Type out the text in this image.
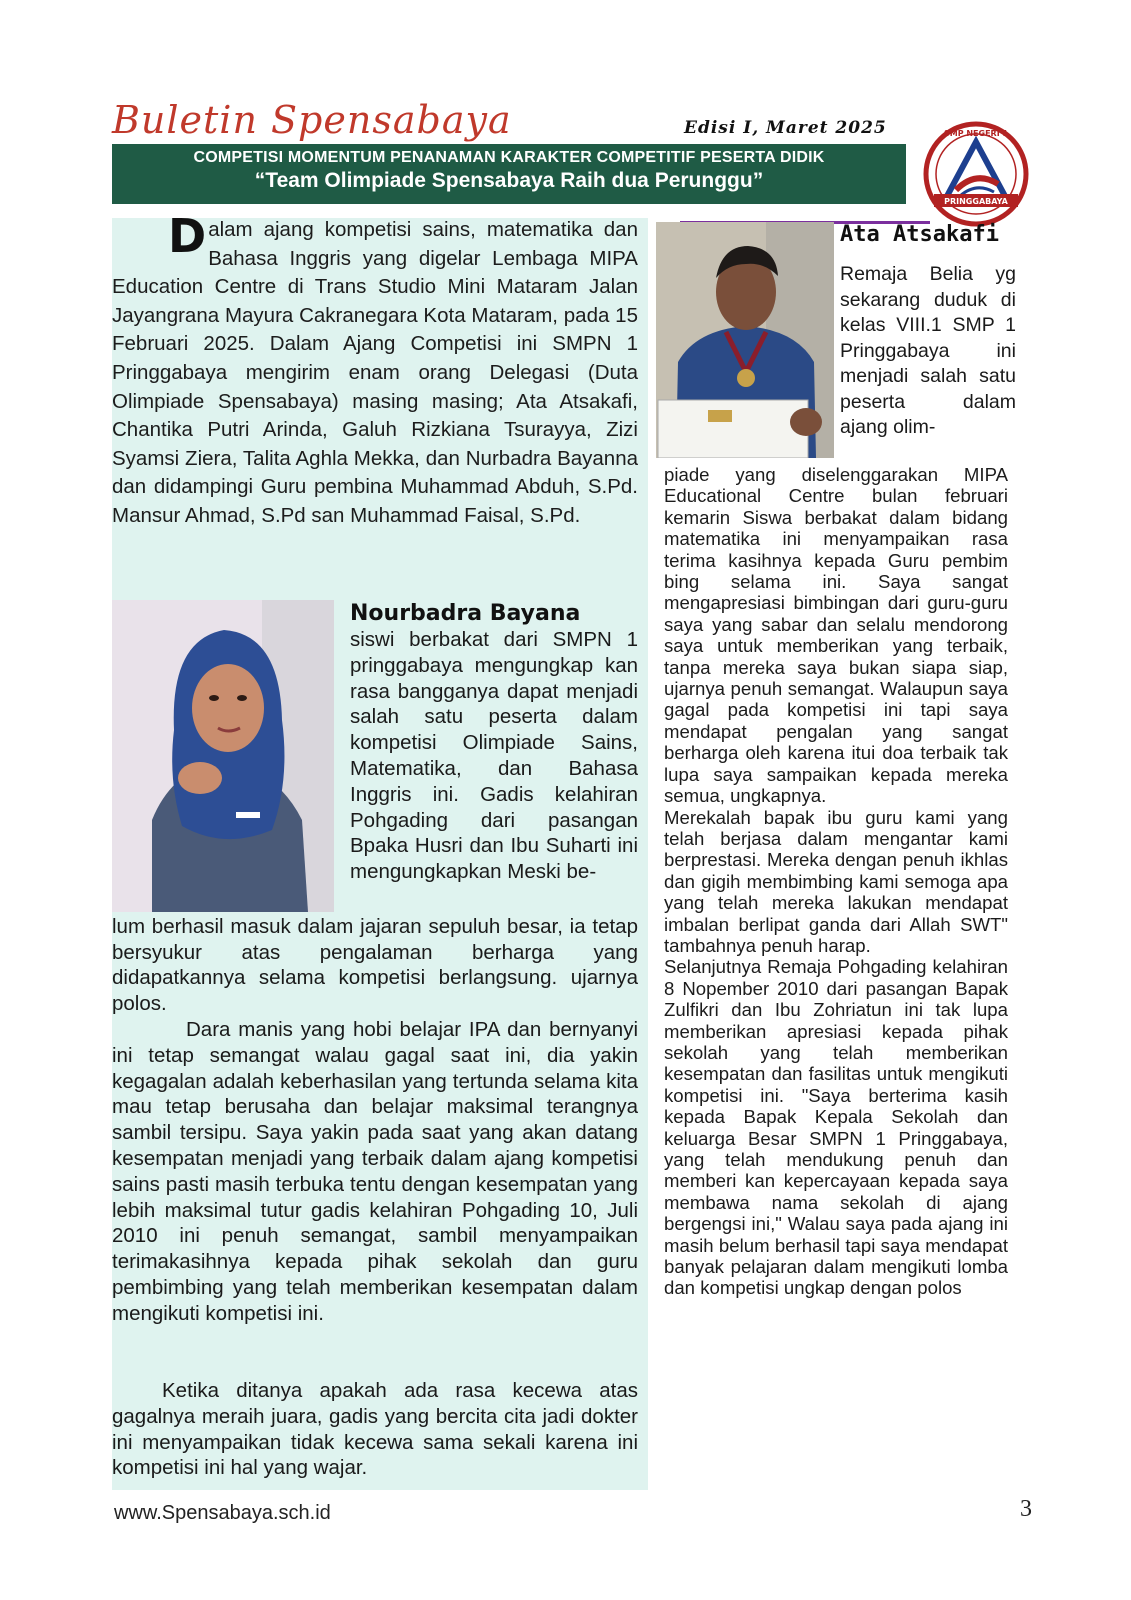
Buletin Spensabaya	Edisi I, Maret 2025
COMPETISI MOMENTUM PENANAMAN KARAKTER COMPETITIF PESERTA DIDIK
“Team Olimpiade Spensabaya Raih dua Perunggu”
PRINGGABAYA
SMP NEGERI 1
D alam ajang kompetisi sains, matematika dan Bahasa Inggris yang digelar Lembaga MIPA Education Centre di Trans Studio Mini Mataram Jalan Jayangrana Mayura Cakranegara Kota Mataram, pada 15 Februari 2025. Dalam Ajang Competisi ini SMPN 1 Pringgabaya mengirim enam orang Delegasi (Duta Olimpiade Spensabaya) masing masing; Ata Atsakafi, Chantika Putri Arinda, Galuh Rizkiana Tsurayya, Zizi Syamsi Ziera, Talita Aghla Mekka, dan Nurbadra Bayanna dan didampingi Guru pembina Muhammad Abduh, S.Pd. Mansur Ahmad, S.Pd san Muhammad Faisal, S.Pd.
Nourbadra Bayana
siswi berbakat dari SMPN 1 pringgabaya mengungkap kan rasa bangganya dapat menjadi salah satu peserta dalam kompetisi Olimpiade Sains, Matematika, dan Bahasa Inggris ini. Gadis kelahiran Pohgading dari pasangan Bpaka Husri dan Ibu Suharti ini mengungkapkan Meski be-
lum berhasil masuk dalam jajaran sepuluh besar, ia tetap bersyukur atas pengalaman berharga yang didapatkannya selama kompetisi berlangsung. ujarnya polos.
Dara manis yang hobi belajar IPA dan bernyanyi ini tetap semangat walau gagal saat ini, dia yakin kegagalan adalah keberhasilan yang tertunda selama kita mau tetap berusaha dan belajar maksimal terangnya sambil tersipu. Saya yakin pada saat yang akan datang kesempatan menjadi yang terbaik dalam ajang kompetisi sains pasti masih terbuka tentu dengan kesempatan yang lebih maksimal tutur gadis kelahiran Pohgading 10, Juli 2010 ini penuh semangat, sambil menyampaikan terimakasihnya kepada pihak sekolah dan guru pembimbing yang telah memberikan kesempatan dalam mengikuti kompetisi ini.
Ketika ditanya apakah ada rasa kecewa atas gagalnya meraih juara, gadis yang bercita cita jadi dokter ini menyampaikan tidak kecewa sama sekali karena ini kompetisi ini hal yang wajar.
Ata Atsakafi
Remaja Belia yg sekarang duduk di kelas VIII.1 SMP 1 Pringgabaya ini menjadi salah satu peserta dalam ajang olim-

piade yang diselenggarakan MIPA Educational Centre bulan februari kemarin Siswa berbakat dalam bidang matematika ini menyampaikan rasa terima kasihnya kepada Guru pembim bing selama ini. Saya sangat mengapresiasi bimbingan dari guru-guru saya yang sabar dan selalu mendorong saya untuk memberikan yang terbaik, tanpa mereka saya bukan siapa siap, ujarnya penuh semangat. Walaupun saya gagal pada kompetisi ini tapi saya mendapat pengalan yang sangat berharga oleh karena itui doa terbaik tak lupa saya sampaikan kepada mereka semua, ungkapnya.

Merekalah bapak ibu guru kami yang telah berjasa dalam mengantar kami berprestasi. Mereka dengan penuh ikhlas dan gigih membimbing kami semoga apa yang telah mereka lakukan mendapat imbalan berlipat ganda dari Allah SWT" tambahnya penuh harap.

Selanjutnya Remaja Pohgading kelahiran 8 Nopember 2010 dari pasangan Bapak Zulfikri dan Ibu Zohriatun ini tak lupa memberikan apresiasi kepada pihak sekolah yang telah memberikan kesempatan dan fasilitas untuk mengikuti kompetisi ini. "Saya berterima kasih kepada Bapak Kepala Sekolah dan keluarga Besar SMPN 1 Pringgabaya, yang telah mendukung penuh dan memberi kan kepercayaan kepada saya membawa nama sekolah di ajang bergengsi ini," Walau saya pada ajang ini masih belum berhasil tapi saya mendapat banyak pelajaran dalam mengikuti lomba dan kompetisi ungkap dengan polos

www.Spensabaya.sch.id	3
